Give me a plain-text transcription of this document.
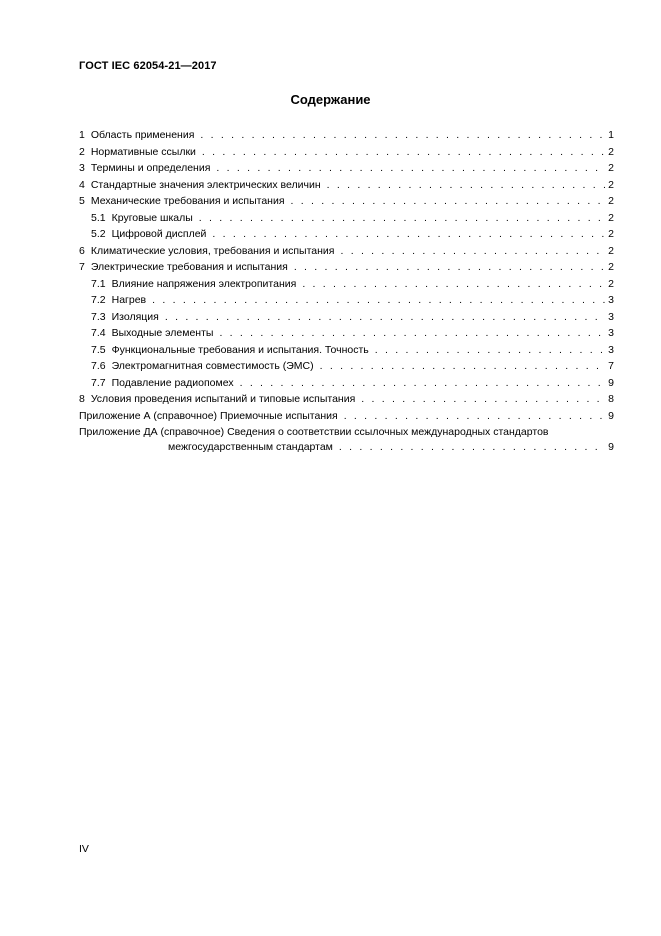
ГОСТ IEC 62054-21—2017
Содержание
1 Область применения . . .	1
2 Нормативные ссылки . . .	2
3 Термины и определения . . .	2
4 Стандартные значения электрических величин . . .	2
5 Механические требования и испытания . . .	2
5.1 Круговые шкалы . . .	2
5.2 Цифровой дисплей . . .	2
6 Климатические условия, требования и испытания . . .	2
7 Электрические требования и испытания . . .	2
7.1 Влияние напряжения электропитания . . .	2
7.2 Нагрев . . .	3
7.3 Изоляция . . .	3
7.4 Выходные элементы . . .	3
7.5 Функциональные требования и испытания. Точность . . .	3
7.6 Электромагнитная совместимость (ЭМС) . . .	7
7.7 Подавление радиопомех . . .	9
8 Условия проведения испытаний и типовые испытания . . .	8
Приложение А (справочное) Приемочные испытания . . .	9
Приложение ДА (справочное) Сведения о соответствии ссылочных международных стандартов
межгосударственным стандартам . . .	9
IV
